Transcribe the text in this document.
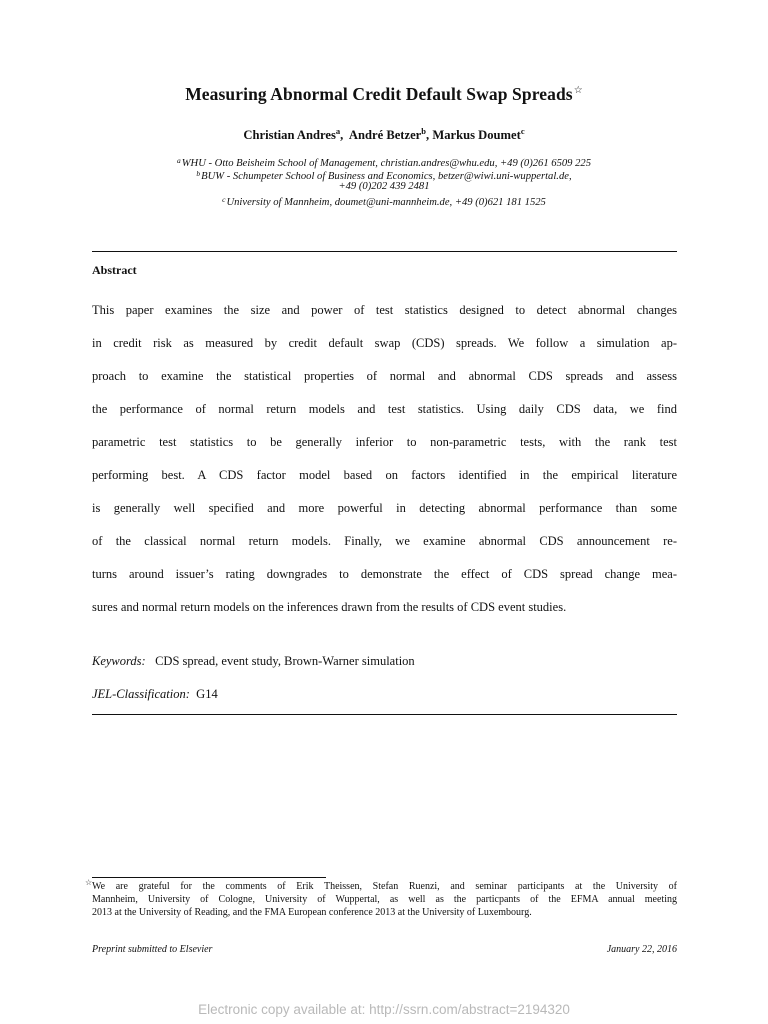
Measuring Abnormal Credit Default Swap Spreads☆
Christian Andres$^a$,  André Betzer$^b$, Markus Doumet$^c$
$^a$WHU - Otto Beisheim School of Management, christian.andres@whu.edu, +49 (0)261 6509 225
$^b$BUW - Schumpeter School of Business and Economics, betzer@wiwi.uni-wuppertal.de,
+49 (0)202 439 2481
$^c$University of Mannheim, doumet@uni-mannheim.de, +49 (0)621 181 1525
Abstract
This paper examines the size and power of test statistics designed to detect abnormal changes
in credit risk as measured by credit default swap (CDS) spreads. We follow a simulation ap-
proach to examine the statistical properties of normal and abnormal CDS spreads and assess
the performance of normal return models and test statistics. Using daily CDS data, we find
parametric test statistics to be generally inferior to non-parametric tests, with the rank test
performing best. A CDS factor model based on factors identified in the empirical literature
is generally well specified and more powerful in detecting abnormal performance than some
of the classical normal return models. Finally, we examine abnormal CDS announcement re-
turns around issuer’s rating downgrades to demonstrate the effect of CDS spread change mea-
sures and normal return models on the inferences drawn from the results of CDS event studies.
Keywords: CDS spread, event study, Brown-Warner simulation
JEL-Classification: G14
☆ We are grateful for the comments of Erik Theissen, Stefan Ruenzi, and seminar participants at the University of
Mannheim, University of Cologne, University of Wuppertal, as well as the particpants of the EFMA annual meeting
2013 at the University of Reading, and the FMA European conference 2013 at the University of Luxembourg.
Preprint submitted to Elsevier	January 22, 2016
Electronic copy available at: http://ssrn.com/abstract=2194320
